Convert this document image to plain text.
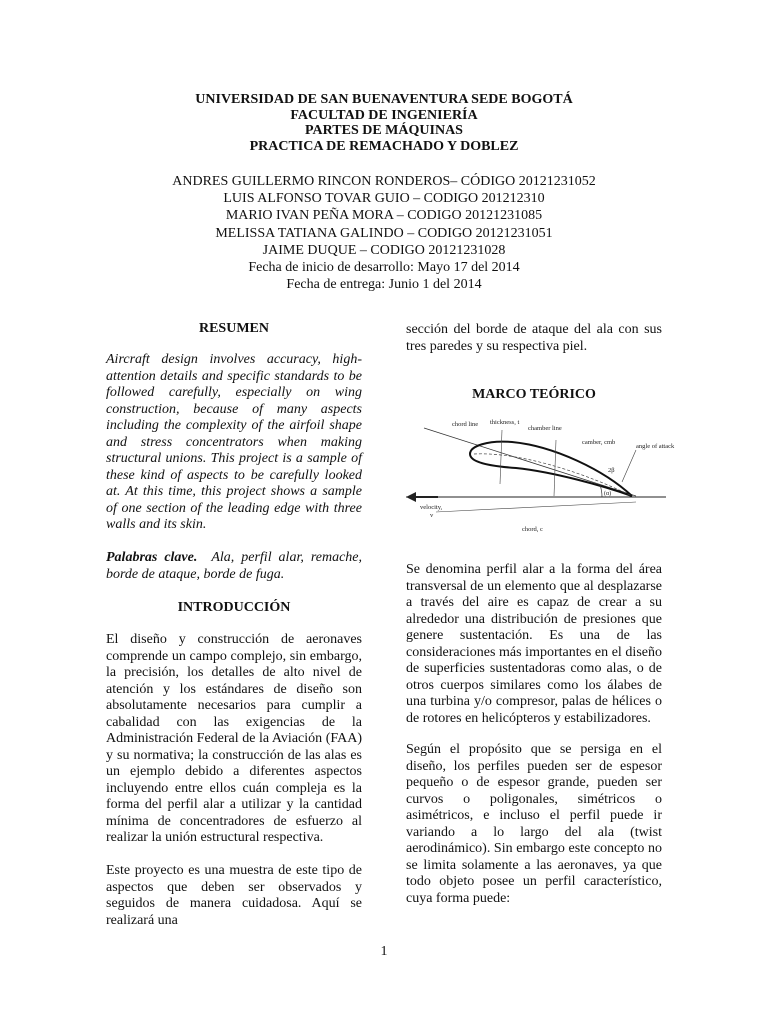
UNIVERSIDAD DE SAN BUENAVENTURA SEDE BOGOTÁ
FACULTAD DE INGENIERÍA
PARTES DE MÁQUINAS
PRACTICA DE REMACHADO Y DOBLEZ
ANDRES GUILLERMO RINCON RONDEROS– CÓDIGO 20121231052
LUIS ALFONSO TOVAR GUIO – CODIGO 201212310
MARIO IVAN PEÑA MORA – CODIGO 20121231085
MELISSA TATIANA GALINDO – CODIGO 20121231051
JAIME DUQUE – CODIGO 20121231028
Fecha de inicio de desarrollo: Mayo 17 del 2014
Fecha de entrega: Junio 1 del 2014
RESUMEN

Aircraft design involves accuracy, high-attention details and specific standards to be followed carefully, especially on wing construction, because of many aspects including the complexity of the airfoil shape and stress concentrators when making structural unions. This project is a sample of these kind of aspects to be carefully looked at. At this time, this project shows a sample of one section of the leading edge with three walls and its skin.

Palabras clave. Ala, perfil alar, remache, borde de ataque, borde de fuga.

INTRODUCCIÓN

El diseño y construcción de aeronaves comprende un campo complejo, sin embargo, la precisión, los detalles de alto nivel de atención y los estándares de diseño son absolutamente necesarios para cumplir a cabalidad con las exigencias de la Administración Federal de la Aviación (FAA) y su normativa; la construcción de las alas es un ejemplo debido a diferentes aspectos incluyendo entre ellos cuán compleja es la forma del perfil alar a utilizar y la cantidad mínima de concentradores de esfuerzo al realizar la unión estructural respectiva.

Este proyecto es una muestra de este tipo de aspectos que deben ser observados y seguidos de manera cuidadosa. Aquí se realizará una

sección del borde de ataque del ala con sus tres paredes y su respectiva piel.

MARCO TEÓRICO
chord line thickness, t
chamber line
camber, cmb
angle of attack
2β
(α)
velocity,
v
chord, c

Se denomina perfil alar a la forma del área transversal de un elemento que al desplazarse a través del aire es capaz de crear a su alrededor una distribución de presiones que genere sustentación. Es una de las consideraciones más importantes en el diseño de superficies sustentadoras como alas, o de otros cuerpos similares como los álabes de una turbina y/o compresor, palas de hélices o de rotores en helicópteros y estabilizadores.

Según el propósito que se persiga en el diseño, los perfiles pueden ser de espesor pequeño o de espesor grande, pueden ser curvos o poligonales, simétricos o asimétricos, e incluso el perfil puede ir variando a lo largo del ala (twist aerodinámico). Sin embargo este concepto no se limita solamente a las aeronaves, ya que todo objeto posee un perfil característico, cuya forma puede:

1
